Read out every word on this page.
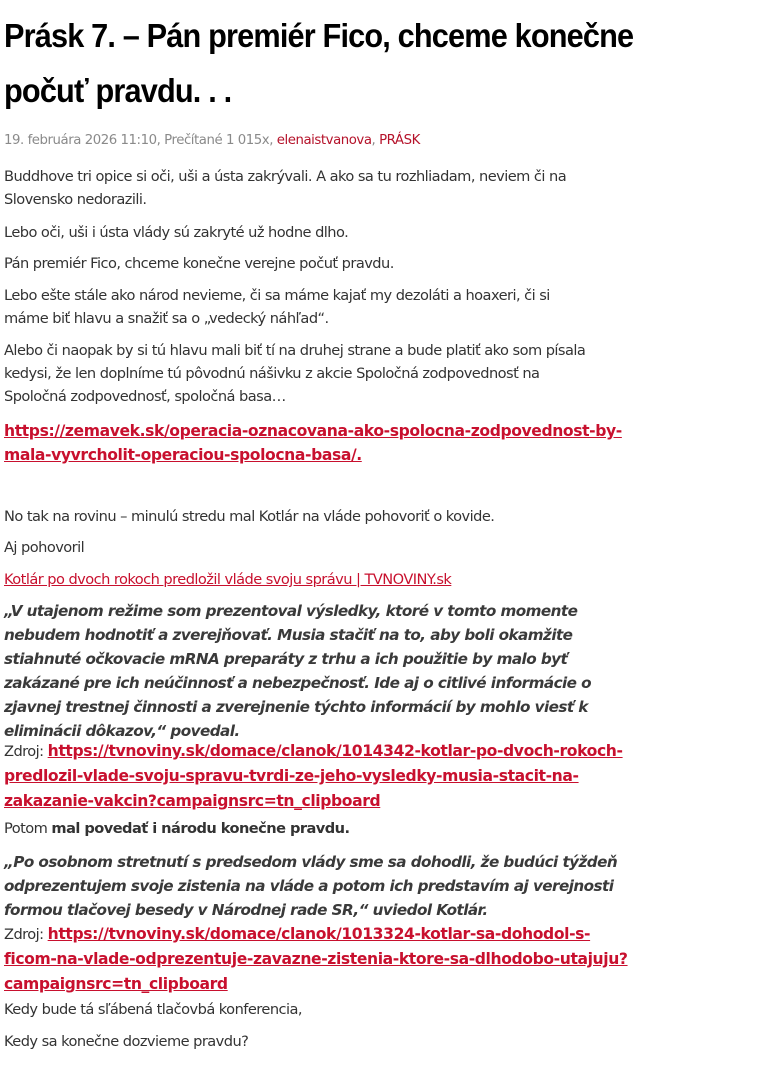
Prásk 7. – Pán premiér Fico, chceme konečne
počuť pravdu. . .
19. februára 2026 11:10, Prečítané 1 015x, elenaistvanova, PRÁSK
Buddhove tri opice si oči, uši a ústa zakrývali. A ako sa tu rozhliadam, neviem či na
Slovensko nedorazili.
Lebo oči, uši i ústa vlády sú zakryté už hodne dlho.
Pán premiér Fico, chceme konečne verejne počuť pravdu.
Lebo ešte stále ako národ nevieme, či sa máme kajať my dezoláti a hoaxeri, či si
máme biť hlavu a snažiť sa o „vedecký náhľad“.
Alebo či naopak by si tú hlavu mali biť tí na druhej strane a bude platiť ako som písala
kedysi, že len doplníme tú pôvodnú nášivku z akcie Spoločná zodpovednosť na
Spoločná zodpovednosť, spoločná basa…
https://zemavek.sk/operacia-oznacovana-ako-spolocna-zodpovednost-by-
mala-vyvrcholit-operaciou-spolocna-basa/.
No tak na rovinu – minulú stredu mal Kotlár na vláde pohovoriť o kovide.
Aj pohovoril
Kotlár po dvoch rokoch predložil vláde svoju správu | TVNOVINY.sk
„V utajenom režime som prezentoval výsledky, ktoré v tomto momente
nebudem hodnotiť a zverejňovať. Musia stačiť na to, aby boli okamžite
stiahnuté očkovacie mRNA preparáty z trhu a ich použitie by malo byť
zakázané pre ich neúčinnosť a nebezpečnosť. Ide aj o citlivé informácie o
zjavnej trestnej činnosti a zverejnenie týchto informácií by mohlo viesť k
eliminácii dôkazov,“ povedal.
Zdroj: https://tvnoviny.sk/domace/clanok/1014342-kotlar-po-dvoch-rokoch-
predlozil-vlade-svoju-spravu-tvrdi-ze-jeho-vysledky-musia-stacit-na-
zakazanie-vakcin?campaignsrc=tn_clipboard
Potom mal povedať i národu konečne pravdu.
„Po osobnom stretnutí s predsedom vlády sme sa dohodli, že budúci týždeň
odprezentujem svoje zistenia na vláde a potom ich predstavím aj verejnosti
formou tlačovej besedy v Národnej rade SR,“ uviedol Kotlár.
Zdroj: https://tvnoviny.sk/domace/clanok/1013324-kotlar-sa-dohodol-s-
ficom-na-vlade-odprezentuje-zavazne-zistenia-ktore-sa-dlhodobo-utajuju?
campaignsrc=tn_clipboard
Kedy bude tá sľábená tlačovbá konferencia,
Kedy sa konečne dozvieme pravdu?
